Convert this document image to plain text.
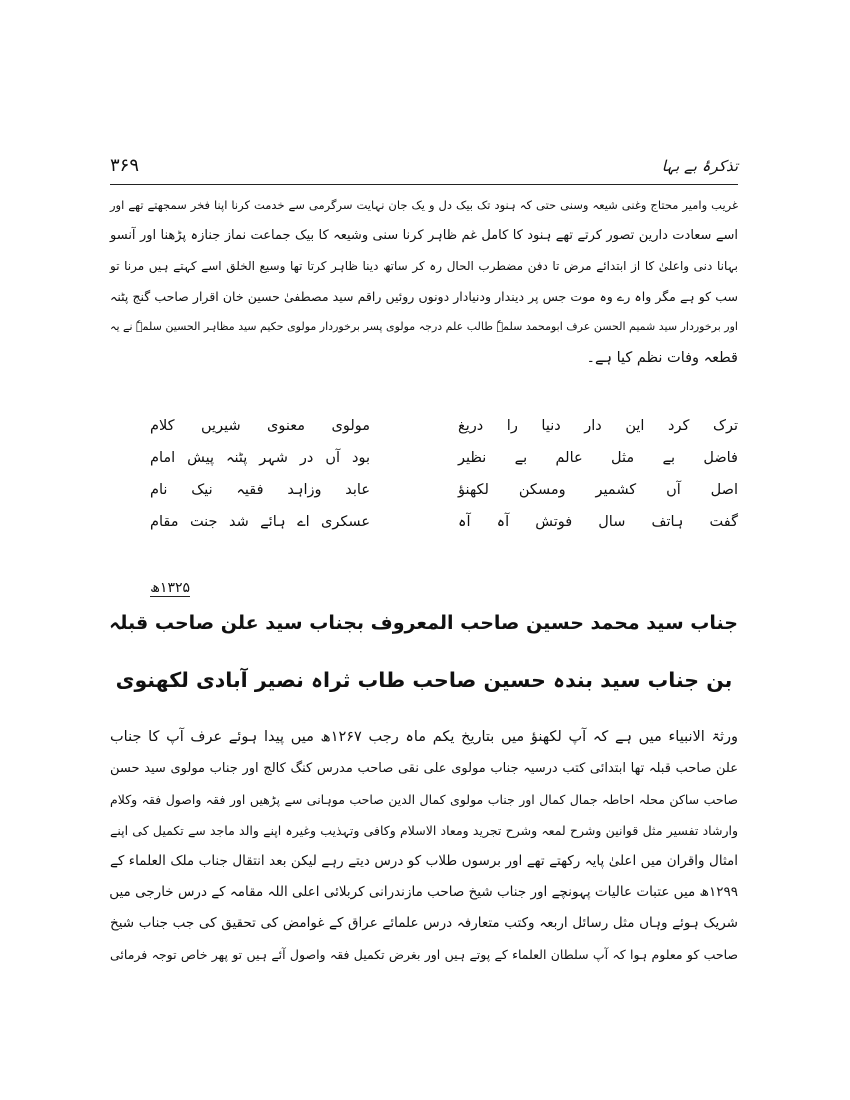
تذکرۂ بے بہا
۳۶۹
غریب وامیر محتاج وغنی شیعہ وسنی حتی کہ ہنود تک بیک دل و یک جان نہایت سرگرمی سے خدمت کرنا اپنا فخر سمجھتے تھے اور
اسے سعادت دارین تصور کرتے تھے ہنود کا کامل غم ظاہر کرنا سنی وشیعہ کا بیک جماعت نماز جنازہ پڑھنا اور آنسو
بہانا دنی واعلیٰ کا از ابتدائے مرض تا دفن مضطرب الحال رہ کر ساتھ دینا ظاہر کرتا تھا وسیع الخلق اسے کہتے ہیں مرنا تو
سب کو ہے مگر واہ رے وہ موت جس پر دیندار ودنیادار دونوں روئیں راقم سید مصطفیٰ حسین خان اقرار صاحب گنج پٹنہ
اور برخوردار سید شمیم الحسن عرف ابومحمد سلمہٗ طالب علم درجہ مولوی پسر برخوردار مولوی حکیم سید مظاہر الحسین سلمہٗ نے یہ
قطعہ وفات نظم کیا ہے۔
ترک کرد این دار دنیا را دریغ
مولوی معنوی شیریں کلام
فاضل بے مثل عالم بے نظیر
بود آں در شہر پٹنہ پیش امام
اصل آں کشمیر ومسکن لکھنؤ
عابد وزاہد فقیہ نیک نام
گفت ہاتف سال فوتش آہ آہ
عسکری اے ہائے شد جنت مقام
۱۳۲۵ھ
جناب سید محمد حسین صاحب المعروف بجناب سید علن صاحب قبلہ
بن جناب سید بندہ حسین صاحب طاب ثراہ نصیر آبادی لکھنوی
ورثۃ الانبیاء میں ہے کہ آپ لکھنؤ میں بتاریخ یکم ماہ رجب ۱۲۶۷ھ میں پیدا ہوئے عرف آپ کا جناب
علن صاحب قبلہ تھا ابتدائی کتب درسیہ جناب مولوی علی نقی صاحب مدرس کنگ کالج اور جناب مولوی سید حسن
صاحب ساکن محلہ احاطہ جمال کمال اور جناب مولوی کمال الدین صاحب موہانی سے پڑھیں اور فقہ واصول فقہ وکلام
وارشاد تفسیر مثل قوانین وشرح لمعہ وشرح تجرید ومعاد الاسلام وکافی وتہذیب وغیرہ اپنے والد ماجد سے تکمیل کی اپنے
امثال واقران میں اعلیٰ پایہ رکھتے تھے اور برسوں طلاب کو درس دیتے رہے لیکن بعد انتقال جناب ملک العلماء کے
۱۲۹۹ھ میں عتبات عالیات پہونچے اور جناب شیخ صاحب مازندرانی کربلائی اعلی اللہ مقامہ کے درس خارجی میں
شریک ہوئے وہاں مثل رسائل اربعہ وکتب متعارفہ درس علمائے عراق کے غوامض کی تحقیق کی جب جناب شیخ
صاحب کو معلوم ہوا کہ آپ سلطان العلماء کے پوتے ہیں اور بغرض تکمیل فقہ واصول آئے ہیں تو پھر خاص توجہ فرمائی
